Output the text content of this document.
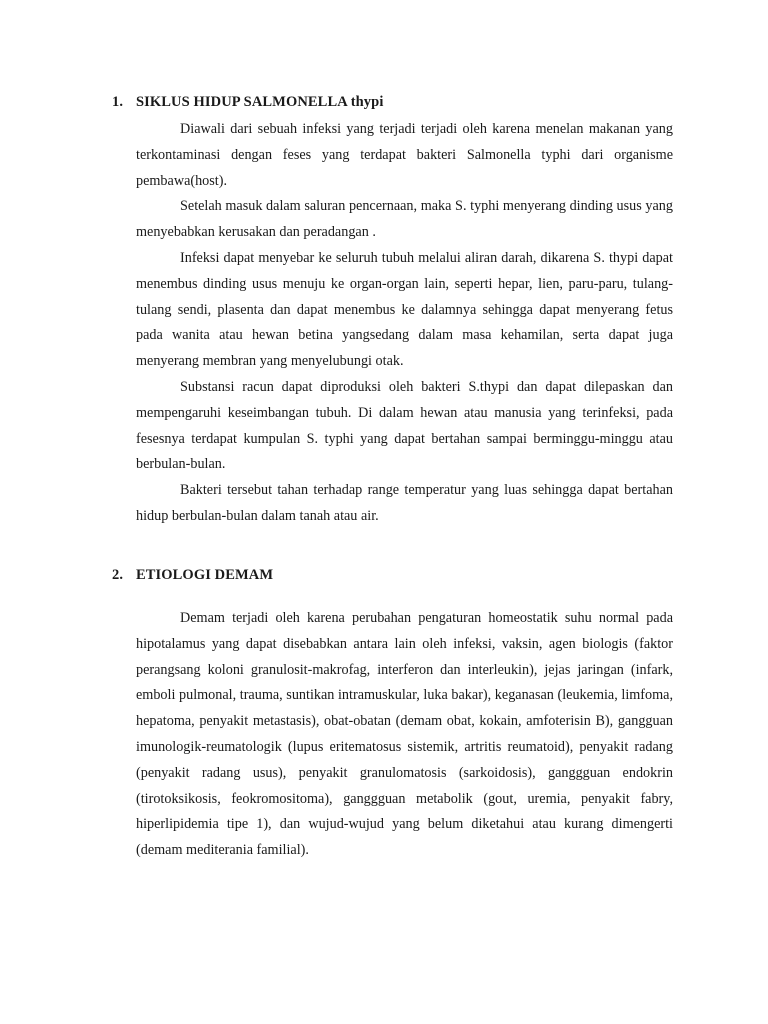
1. SIKLUS HIDUP SALMONELLA thypi

Diawali dari sebuah infeksi yang terjadi terjadi oleh karena menelan makanan yang terkontaminasi dengan feses yang terdapat bakteri Salmonella typhi dari organisme pembawa(host).

Setelah masuk dalam saluran pencernaan, maka S. typhi menyerang dinding usus yang menyebabkan kerusakan dan peradangan .

Infeksi dapat menyebar ke seluruh tubuh melalui aliran darah, dikarena S. thypi dapat menembus dinding usus menuju ke organ-organ lain, seperti hepar, lien, paru-paru, tulang-tulang sendi, plasenta dan dapat menembus ke dalamnya sehingga dapat menyerang fetus pada wanita atau hewan betina yangsedang dalam masa kehamilan, serta dapat juga menyerang membran yang menyelubungi otak.

Substansi racun dapat diproduksi oleh bakteri S.thypi dan dapat dilepaskan dan mempengaruhi keseimbangan tubuh. Di dalam hewan atau manusia yang terinfeksi, pada fesesnya terdapat kumpulan S. typhi yang dapat bertahan sampai berminggu-minggu atau berbulan-bulan.

Bakteri tersebut tahan terhadap range temperatur yang luas sehingga dapat bertahan hidup berbulan-bulan dalam tanah atau air.

2. ETIOLOGI DEMAM

Demam terjadi oleh karena perubahan pengaturan homeostatik suhu normal pada hipotalamus yang dapat disebabkan antara lain oleh infeksi, vaksin, agen biologis (faktor perangsang koloni granulosit-makrofag, interferon dan interleukin), jejas jaringan (infark, emboli pulmonal, trauma, suntikan intramuskular, luka bakar), keganasan (leukemia, limfoma, hepatoma, penyakit metastasis), obat-obatan (demam obat, kokain, amfoterisin B), gangguan imunologik-reumatologik (lupus eritematosus sistemik, artritis reumatoid), penyakit radang (penyakit radang usus), penyakit granulomatosis (sarkoidosis), ganggguan endokrin (tirotoksikosis, feokromositoma), ganggguan metabolik (gout, uremia, penyakit fabry, hiperlipidemia tipe 1), dan wujud-wujud yang belum diketahui atau kurang dimengerti (demam mediterania familial).
